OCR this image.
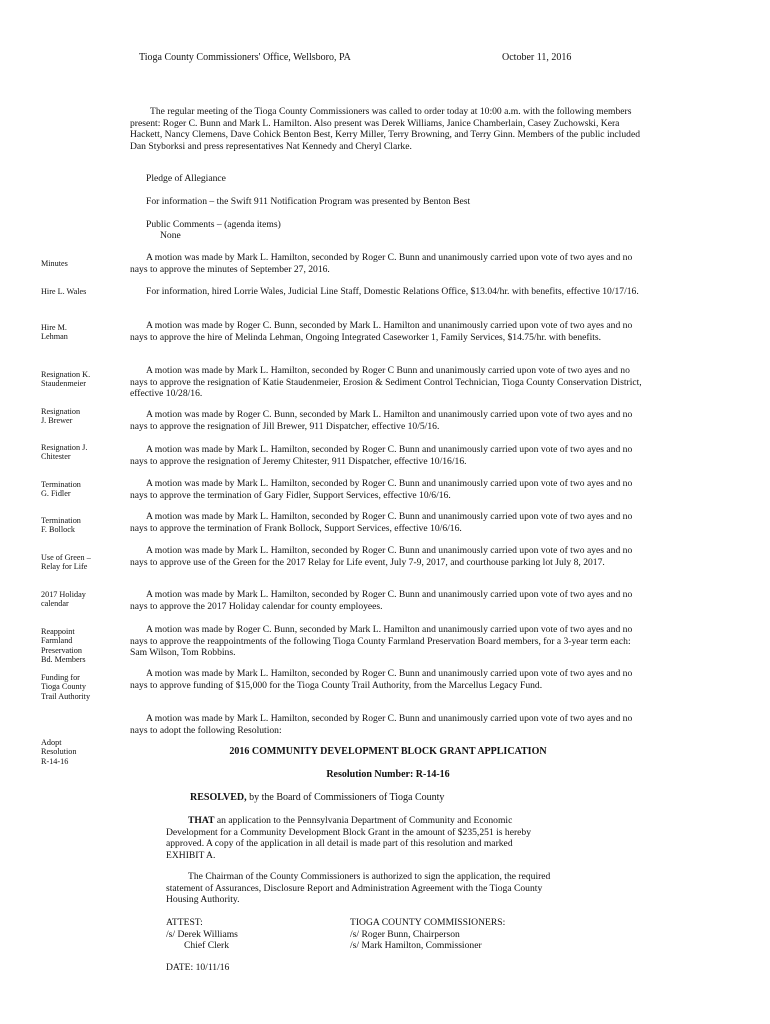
Tioga County Commissioners' Office, Wellsboro, PA	October 11, 2016
The regular meeting of the Tioga County Commissioners was called to order today at 10:00 a.m. with the following members present: Roger C. Bunn and Mark L. Hamilton. Also present was Derek Williams, Janice Chamberlain, Casey Zuchowski, Kera Hackett, Nancy Clemens, Dave Cohick Benton Best, Kerry Miller, Terry Browning, and Terry Ginn. Members of the public included Dan Styborksi and press representatives Nat Kennedy and Cheryl Clarke.
Pledge of Allegiance
For information – the Swift 911 Notification Program was presented by Benton Best
Public Comments – (agenda items)
None
Minutes
A motion was made by Mark L. Hamilton, seconded by Roger C. Bunn and unanimously carried upon vote of two ayes and no nays to approve the minutes of September 27, 2016.
Hire L. Wales	For information, hired Lorrie Wales, Judicial Line Staff, Domestic Relations Office, $13.04/hr. with benefits, effective 10/17/16.
Hire M.
Lehman
A motion was made by Roger C. Bunn, seconded by Mark L. Hamilton and unanimously carried upon vote of two ayes and no nays to approve the hire of Melinda Lehman, Ongoing Integrated Caseworker 1, Family Services, $14.75/hr. with benefits.
Resignation K.
Staudenmeier
A motion was made by Mark L. Hamilton, seconded by Roger C Bunn and unanimously carried upon vote of two ayes and no nays to approve the resignation of Katie Staudenmeier, Erosion & Sediment Control Technician, Tioga County Conservation District, effective 10/28/16.
Resignation
J. Brewer
A motion was made by Roger C. Bunn, seconded by Mark L. Hamilton and unanimously carried upon vote of two ayes and no nays to approve the resignation of Jill Brewer, 911 Dispatcher, effective 10/5/16.
Resignation J.
Chitester
A motion was made by Mark L. Hamilton, seconded by Roger C. Bunn and unanimously carried upon vote of two ayes and no nays to approve the resignation of Jeremy Chitester, 911 Dispatcher, effective 10/16/16.
Termination
G. Fidler
A motion was made by Mark L. Hamilton, seconded by Roger C. Bunn and unanimously carried upon vote of two ayes and no nays to approve the termination of Gary Fidler, Support Services, effective 10/6/16.
Termination
F. Bollock
A motion was made by Mark L. Hamilton, seconded by Roger C. Bunn and unanimously carried upon vote of two ayes and no nays to approve the termination of Frank Bollock, Support Services, effective 10/6/16.
Use of Green –
Relay for Life
A motion was made by Mark L. Hamilton, seconded by Roger C. Bunn and unanimously carried upon vote of two ayes and no nays to approve use of the Green for the 2017 Relay for Life event, July 7-9, 2017, and courthouse parking lot July 8, 2017.
2017 Holiday
calendar
A motion was made by Mark L. Hamilton, seconded by Roger C. Bunn and unanimously carried upon vote of two ayes and no nays to approve the 2017 Holiday calendar for county employees.
Reappoint
Farmland
Preservation
Bd. Members
A motion was made by Roger C. Bunn, seconded by Mark L. Hamilton and unanimously carried upon vote of two ayes and no nays to approve the reappointments of the following Tioga County Farmland Preservation Board members, for a 3-year term each: Sam Wilson, Tom Robbins.
Funding for
Tioga County
Trail Authority
A motion was made by Mark L. Hamilton, seconded by Roger C. Bunn and unanimously carried upon vote of two ayes and no nays to approve funding of $15,000 for the Tioga County Trail Authority, from the Marcellus Legacy Fund.
Adopt
Resolution
R-14-16
A motion was made by Mark L. Hamilton, seconded by Roger C. Bunn and unanimously carried upon vote of two ayes and no nays to adopt the following Resolution:
2016 COMMUNITY DEVELOPMENT BLOCK GRANT APPLICATION
Resolution Number: R-14-16
RESOLVED, by the Board of Commissioners of Tioga County
THAT an application to the Pennsylvania Department of Community and Economic Development for a Community Development Block Grant in the amount of $235,251 is hereby approved. A copy of the application in all detail is made part of this resolution and marked EXHIBIT A.
The Chairman of the County Commissioners is authorized to sign the application, the required statement of Assurances, Disclosure Report and Administration Agreement with the Tioga County Housing Authority.
ATTEST:
/s/ Derek Williams
Chief Clerk
TIOGA COUNTY COMMISSIONERS:
/s/ Roger Bunn, Chairperson
/s/ Mark Hamilton, Commissioner
DATE: 10/11/16
